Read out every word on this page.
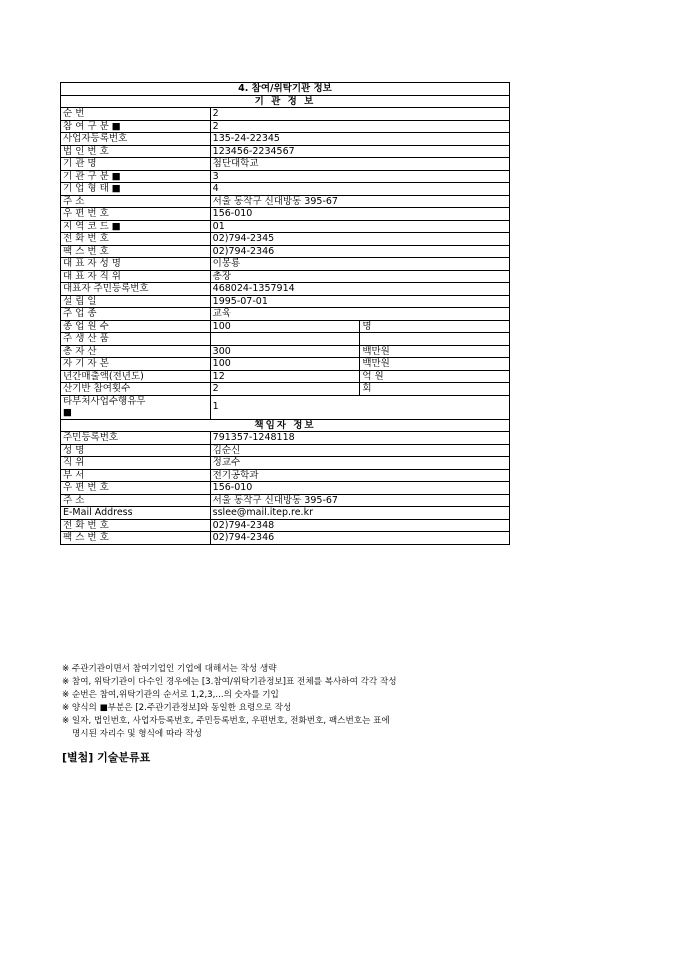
4. 참여/위탁기관 정보		
기 관 정 보		
순 번	2	
참 여 구 분 ■	2	
사업자등록번호	135-24-22345	
법 인 번 호	123456-2234567	
기 관 명	첨단대학교	
기 관 구 분 ■	3	
기 업 형 태 ■	4	
주 소	서울 동작구 신대방동 395-67	
우 편 번 호	156-010	
지 역 코 드 ■	01	
전 화 번 호	02)794-2345	
팩 스 번 호	02)794-2346	
대 표 자 성 명	이몽룡	
대 표 자 직 위	총장	
대표자 주민등록번호	468024-1357914	
설 립 일	1995-07-01	
주 업 종	교육	
종 업 원 수	100	명
주 생 산 품		
총 자 산	300	백만원
자 기 자 본	100	백만원
년간매출액(전년도)	12	억 원
산기반 참여횟수	2	회
타부처사업수행유무
■	1	
책임자 정보		
주민등록번호	791357-1248118	
성 명	김순신	
직 위	정교수	
부 서	전기공학과	
우 편 번 호	156-010	
주 소	서울 동작구 신대방동 395-67	
E-Mail Address	sslee@mail.itep.re.kr	
전 화 번 호	02)794-2348	
팩 스 번 호	02)794-2346	
※ 주관기관이면서 참여기업인 기업에 대해서는 작성 생략
※ 참여, 위탁기관이 다수인 경우에는 [3.참여/위탁기관정보]표 전체를 복사하여 각각 작성
※ 순번은 참여,위탁기관의 순서로 1,2,3,...의 숫자를 기입
※ 양식의 ■부분은 [2.주관기관정보]와 동일한 요령으로 작성
※ 일자, 법인번호, 사업자등록번호, 주민등록번호, 우편번호, 전화번호, 팩스번호는 표에
명시된 자리수 및 형식에 따라 작성
[별첨] 기술분류표
